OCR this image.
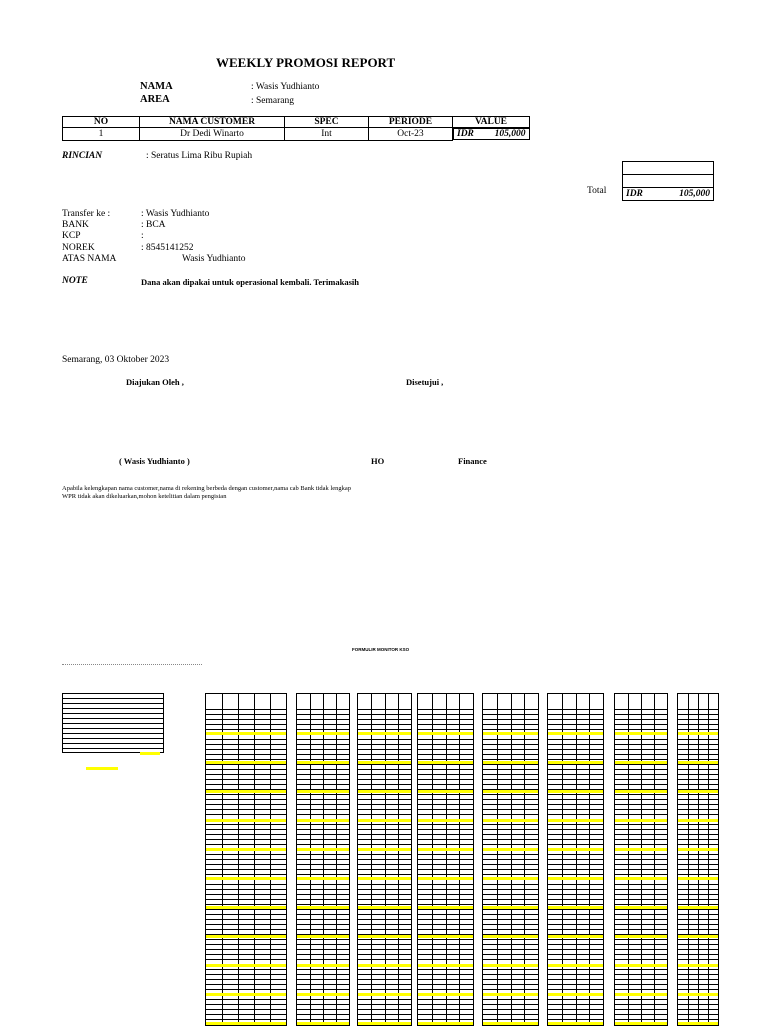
WEEKLY PROMOSI REPORT
NAMA	: Wasis Yudhianto
AREA	: Semarang
NO	NAMA CUSTOMER	SPEC	PERIODE	VALUE
1	Dr Dedi Winarto	Int	Oct-23		IDR 105,000
RINCIAN	: Seratus Lima Ribu Rupiah
Total IDR	105,000
Transfer ke :	: Wasis Yudhianto
BANK	: BCA
KCP	:
NOREK	: 8545141252
ATAS NAMA	Wasis Yudhianto
NOTE	Dana akan dipakai untuk operasional kembali. Terimakasih
Semarang, 03 Oktober 2023
Diajukan Oleh ,	Disetujui ,
( Wasis Yudhianto )	HO	Finance
Apabila kelengkapan nama customer,nama di rekening berbeda dengan customer,nama cab Bank tidak lengkap
WPR tidak akan dikeluarkan,mohon ketelitian dalam pengisian
FORMULIR MONITOR KSO
